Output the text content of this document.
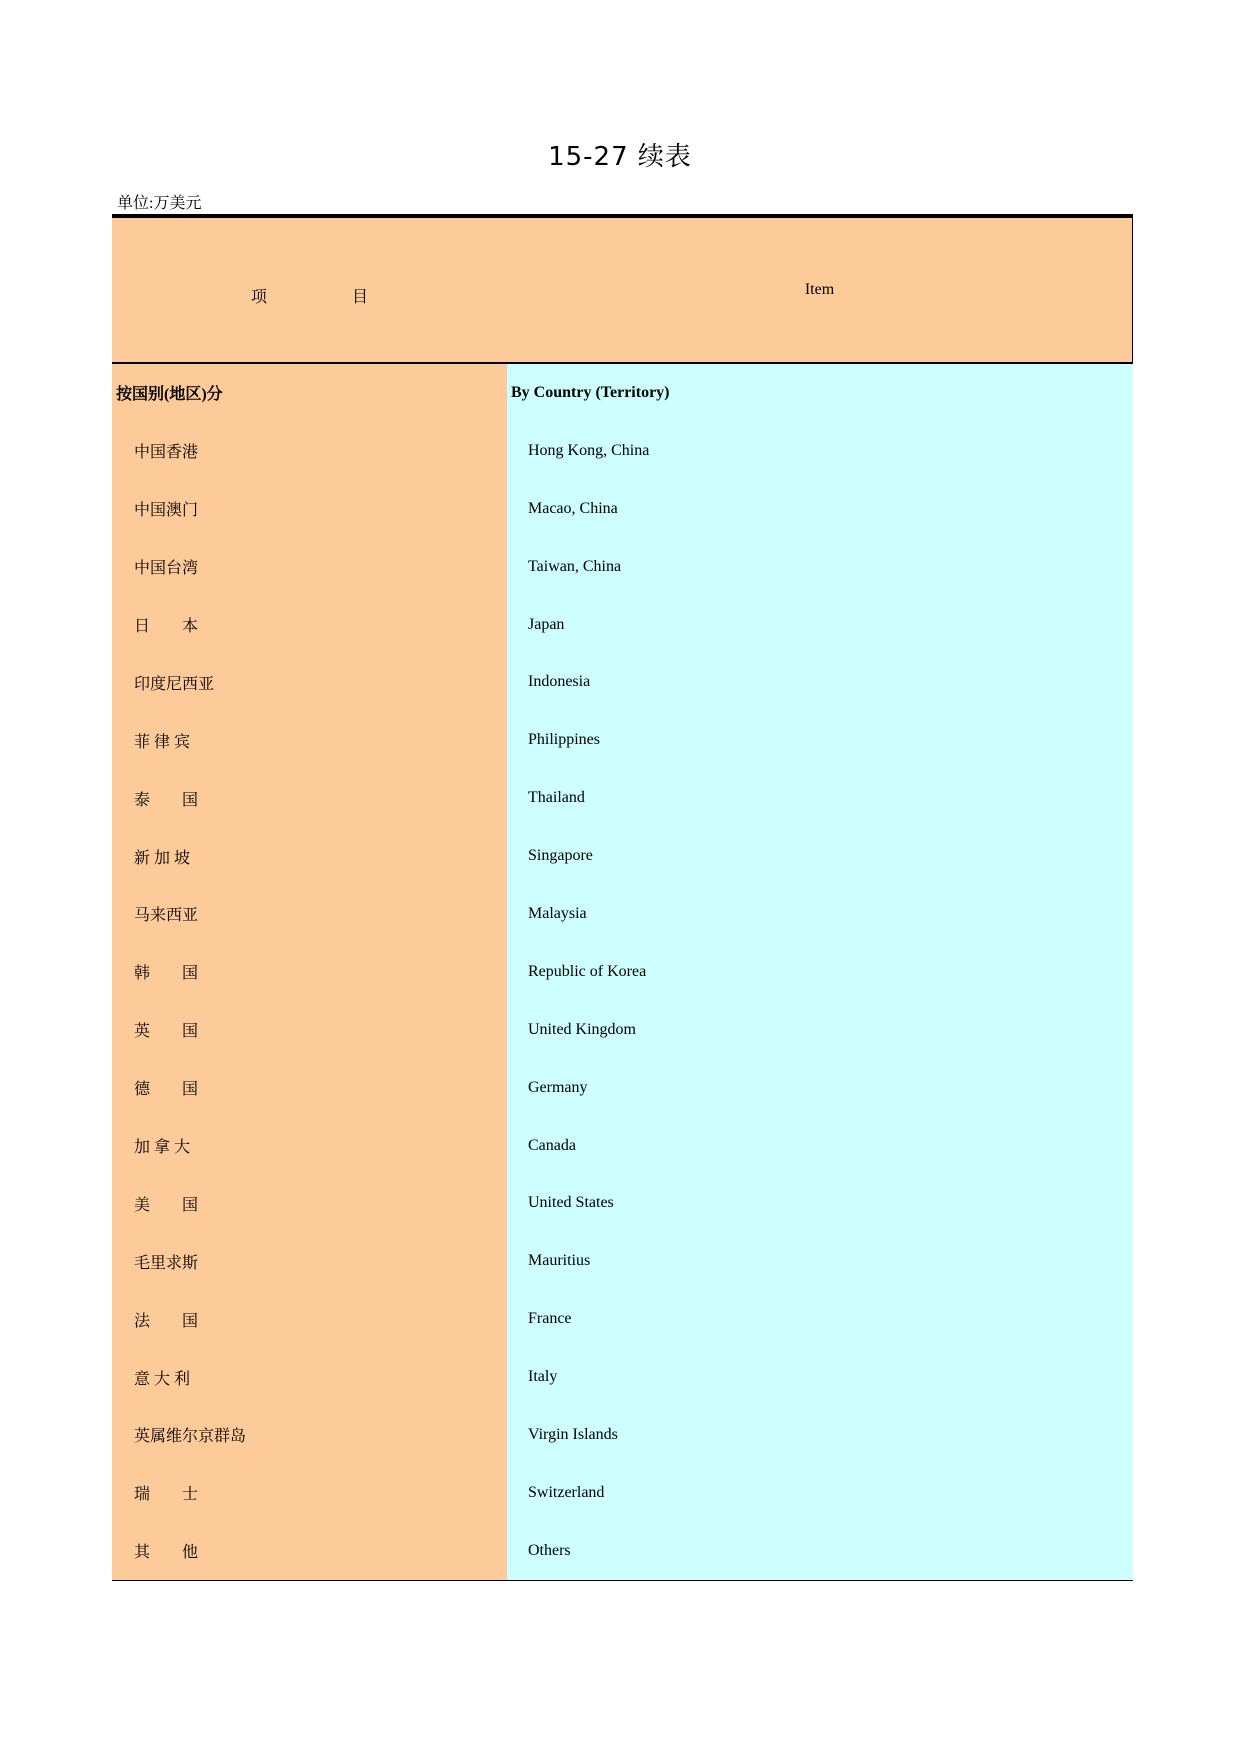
15-27 续表
单位:万美元
项	目	Item
按国别(地区)分
中国香港
中国澳门
中国台湾
日　　本
印度尼西亚
菲 律 宾
泰　　国
新 加 坡
马来西亚
韩　　国
英　　国
德　　国
加 拿 大
美　　国
毛里求斯
法　　国
意 大 利
英属维尔京群岛
瑞　　士
其　　他
By Country (Territory)
Hong Kong, China
Macao, China
Taiwan, China
Japan
Indonesia
Philippines
Thailand
Singapore
Malaysia
Republic of Korea
United Kingdom
Germany
Canada
United States
Mauritius
France
Italy
Virgin Islands
Switzerland
Others
